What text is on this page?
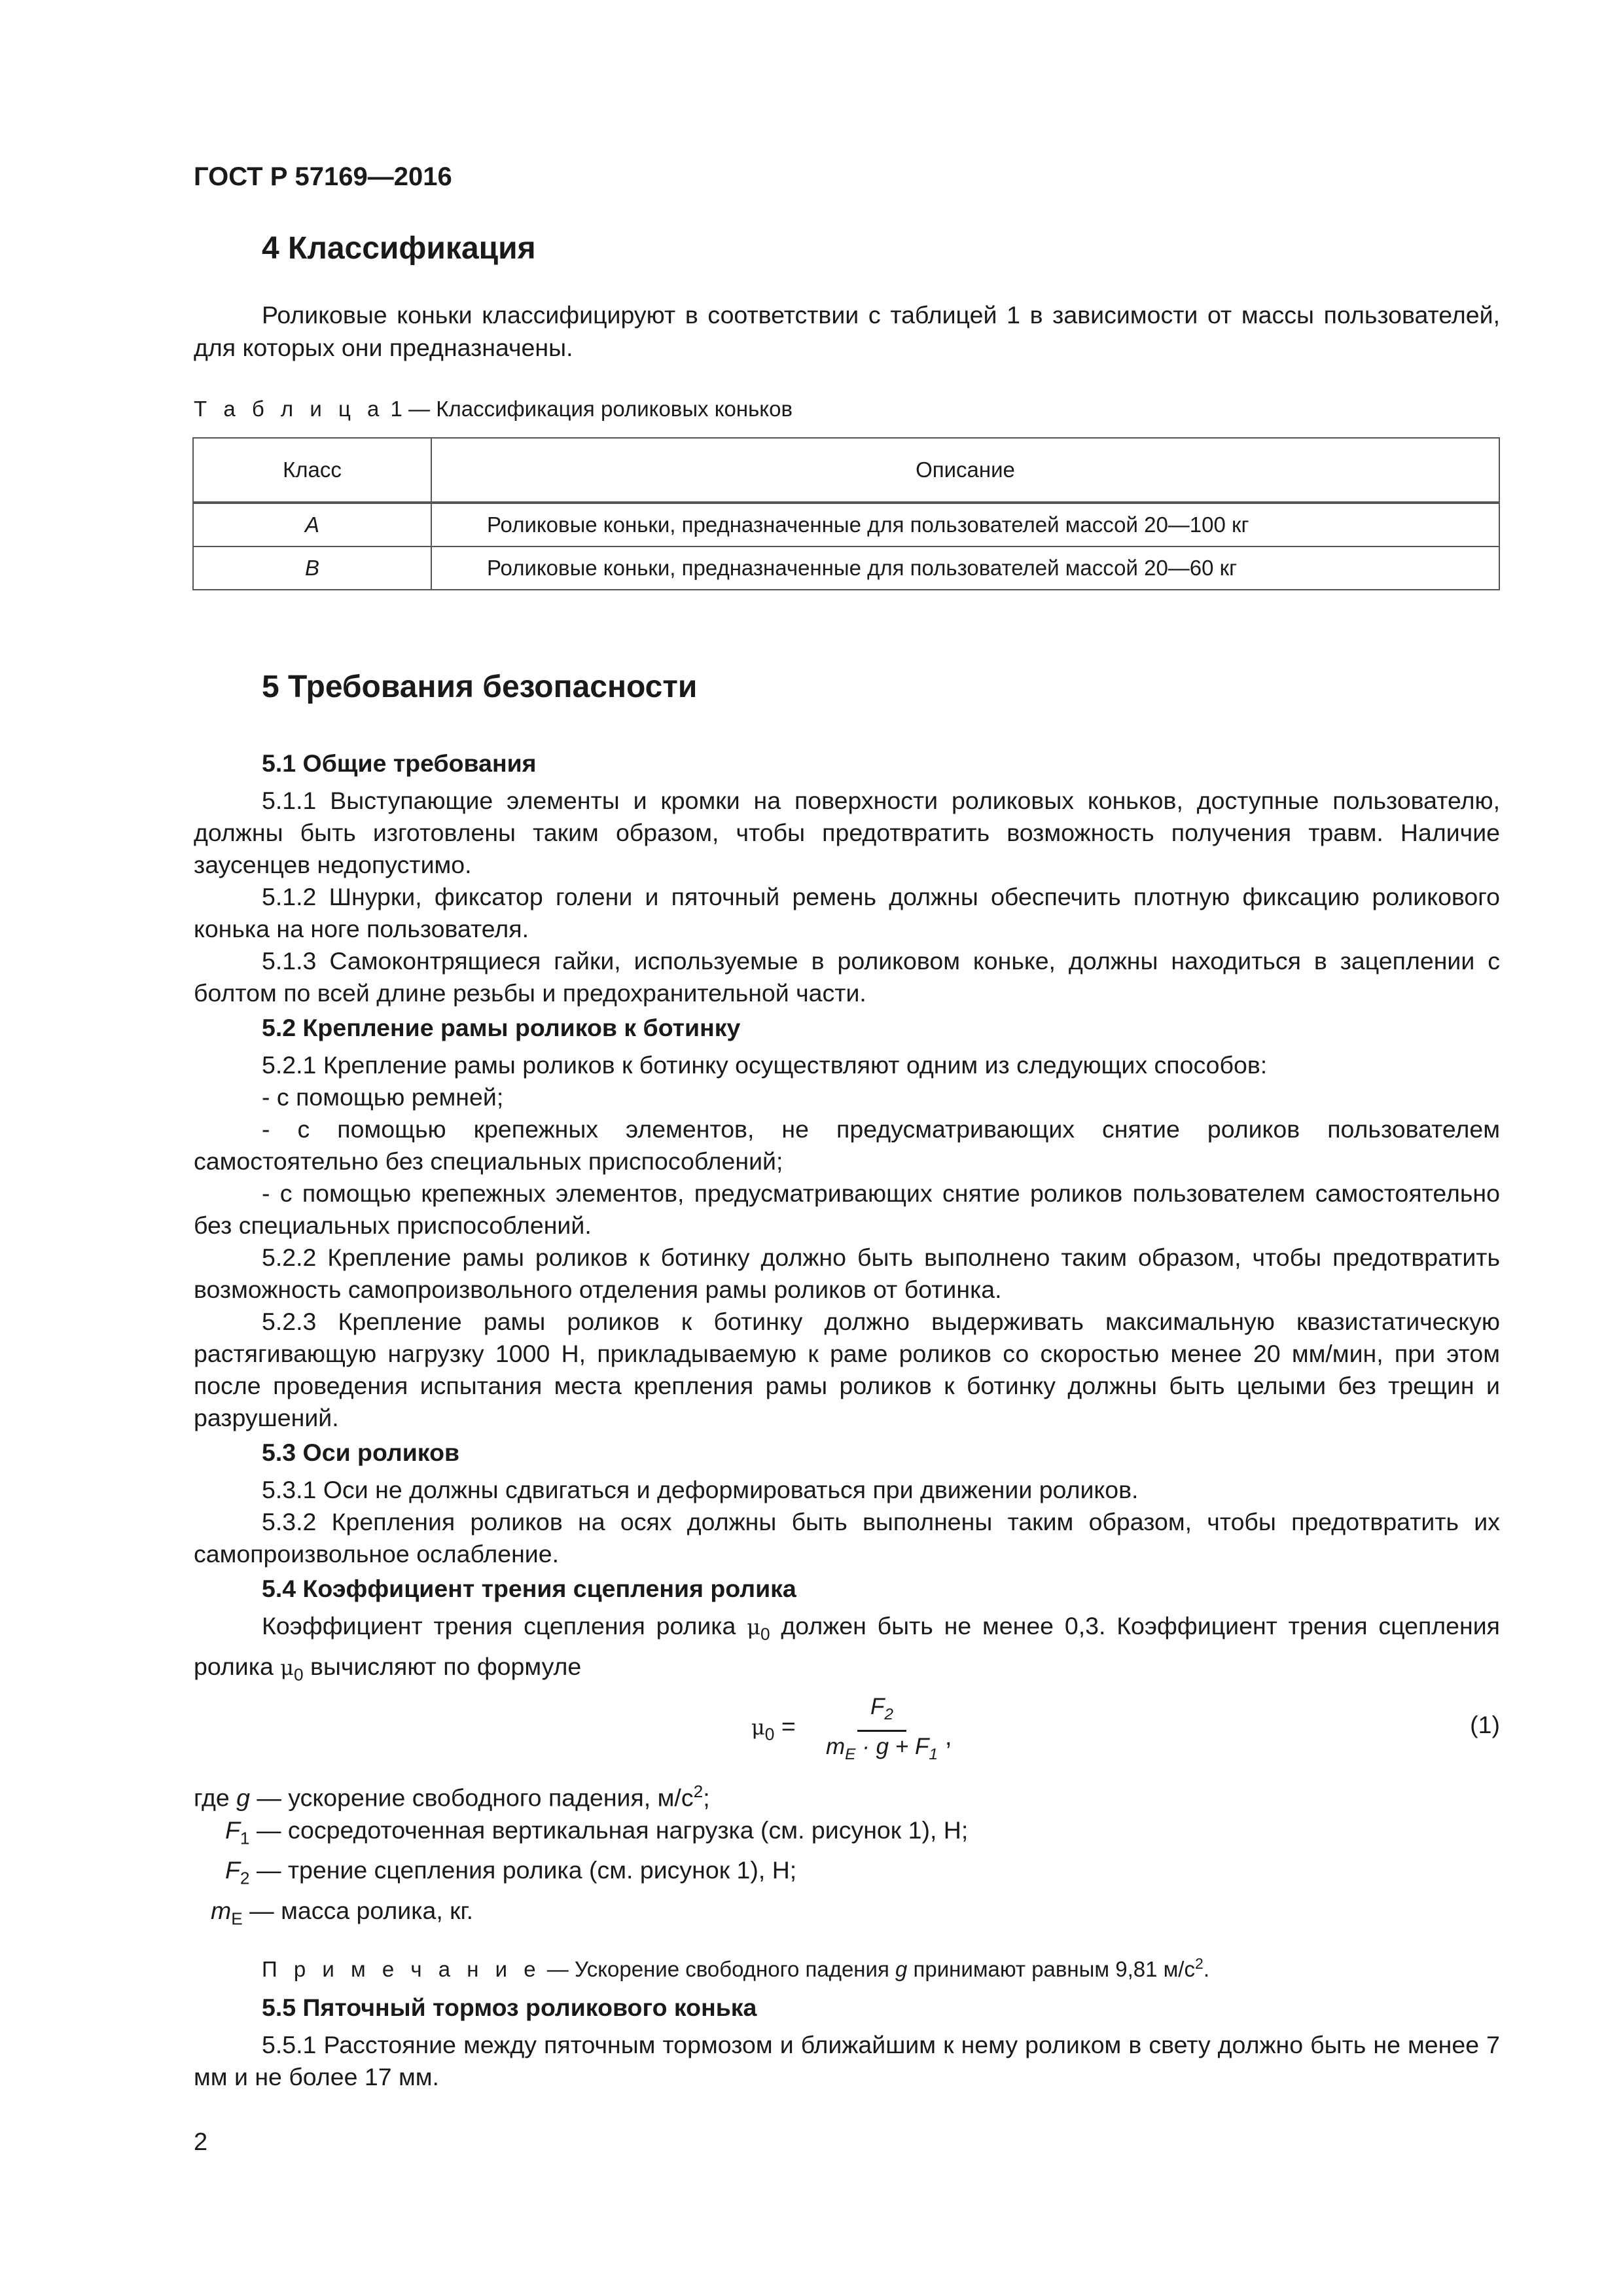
ГОСТ Р 57169—2016
4 Классификация
Роликовые коньки классифицируют в соответствии с таблицей 1 в зависимости от массы пользователей, для которых они предназначены.
Т а б л и ц а 1 — Классификация роликовых коньков
Класс	Описание
A	Роликовые коньки, предназначенные для пользователей массой 20—100 кг
B	Роликовые коньки, предназначенные для пользователей массой 20—60 кг
5 Требования безопасности
5.1 Общие требования

5.1.1 Выступающие элементы и кромки на поверхности роликовых коньков, доступные пользователю, должны быть изготовлены таким образом, чтобы предотвратить возможность получения травм. Наличие заусенцев недопустимо.

5.1.2 Шнурки, фиксатор голени и пяточный ремень должны обеспечить плотную фиксацию роликового конька на ноге пользователя.

5.1.3 Самоконтрящиеся гайки, используемые в роликовом коньке, должны находиться в зацеплении с болтом по всей длине резьбы и предохранительной части.

5.2 Крепление рамы роликов к ботинку

5.2.1 Крепление рамы роликов к ботинку осуществляют одним из следующих способов:

- с помощью ремней;

- с помощью крепежных элементов, не предусматривающих снятие роликов пользователем самостоятельно без специальных приспособлений;

- с помощью крепежных элементов, предусматривающих снятие роликов пользователем самостоятельно без специальных приспособлений.

5.2.2 Крепление рамы роликов к ботинку должно быть выполнено таким образом, чтобы предотвратить возможность самопроизвольного отделения рамы роликов от ботинка.

5.2.3 Крепление рамы роликов к ботинку должно выдерживать максимальную квазистатическую растягивающую нагрузку 1000 Н, прикладываемую к раме роликов со скоростью менее 20 мм/мин, при этом после проведения испытания места крепления рамы роликов к ботинку должны быть целыми без трещин и разрушений.

5.3 Оси роликов

5.3.1 Оси не должны сдвигаться и деформироваться при движении роликов.

5.3.2 Крепления роликов на осях должны быть выполнены таким образом, чтобы предотвратить их самопроизвольное ослабление.

5.4 Коэффициент трения сцепления ролика

Коэффициент трения сцепления ролика $\mu_0$ должен быть не менее 0,3. Коэффициент трения сцепления ролика $\mu_0$ вычисляют по формуле

$\mu_0 = \frac{F_2}{m_E \cdot g + F_1}$ ,	(1)

где g — ускорение свободного падения, $м/с^2$;

$F_1$ — сосредоточенная вертикальная нагрузка (см. рисунок 1), Н;

$F_2$ — трение сцепления ролика (см. рисунок 1), Н;

$m_E$ — масса ролика, кг.

П р и м е ч а н и е — Ускорение свободного падения g принимают равным 9,81 $м/с^2$.

5.5 Пяточный тормоз роликового конька

5.5.1 Расстояние между пяточным тормозом и ближайшим к нему роликом в свету должно быть не менее 7 мм и не более 17 мм.

2
